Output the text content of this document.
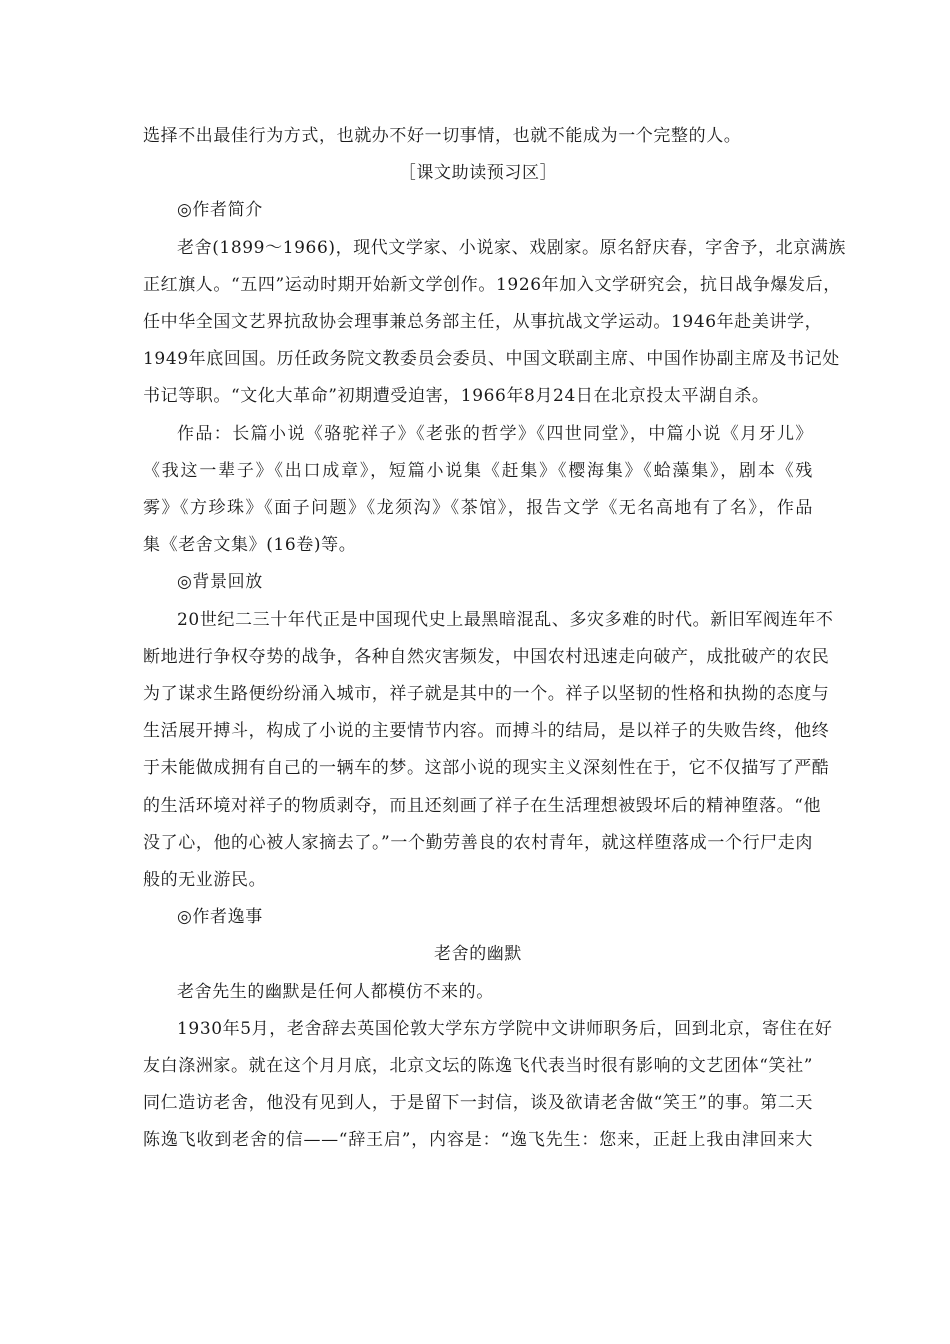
选择不出最佳行为方式，也就办不好一切事情，也就不能成为一个完整的人。
［课文助读预习区］
◎作者简介
老舍(1899～1966)，现代文学家、小说家、戏剧家。原名舒庆春，字舍予，北京满族
正红旗人。“五四”运动时期开始新文学创作。1926年加入文学研究会，抗日战争爆发后，
任中华全国文艺界抗敌协会理事兼总务部主任，从事抗战文学运动。1946年赴美讲学，
1949年底回国。历任政务院文教委员会委员、中国文联副主席、中国作协副主席及书记处
书记等职。“文化大革命”初期遭受迫害，1966年8月24日在北京投太平湖自杀。
作品：长篇小说《骆驼祥子》《老张的哲学》《四世同堂》，中篇小说《月牙儿》
《我这一辈子》《出口成章》，短篇小说集《赶集》《樱海集》《蛤藻集》，剧本《残
雾》《方珍珠》《面子问题》《龙须沟》《茶馆》，报告文学《无名高地有了名》，作品
集《老舍文集》(16卷)等。
◎背景回放
20世纪二三十年代正是中国现代史上最黑暗混乱、多灾多难的时代。新旧军阀连年不
断地进行争权夺势的战争，各种自然灾害频发，中国农村迅速走向破产，成批破产的农民
为了谋求生路便纷纷涌入城市，祥子就是其中的一个。祥子以坚韧的性格和执拗的态度与
生活展开搏斗，构成了小说的主要情节内容。而搏斗的结局，是以祥子的失败告终，他终
于未能做成拥有自己的一辆车的梦。这部小说的现实主义深刻性在于，它不仅描写了严酷
的生活环境对祥子的物质剥夺，而且还刻画了祥子在生活理想被毁坏后的精神堕落。“他
没了心，他的心被人家摘去了。”一个勤劳善良的农村青年，就这样堕落成一个行尸走肉
般的无业游民。
◎作者逸事
老舍的幽默
老舍先生的幽默是任何人都模仿不来的。
1930年5月，老舍辞去英国伦敦大学东方学院中文讲师职务后，回到北京，寄住在好
友白涤洲家。就在这个月月底，北京文坛的陈逸飞代表当时很有影响的文艺团体“笑社”
同仁造访老舍，他没有见到人，于是留下一封信，谈及欲请老舍做“笑王”的事。第二天
陈逸飞收到老舍的信——“辞王启”，内容是：“逸飞先生：您来，正赶上我由津回来大
